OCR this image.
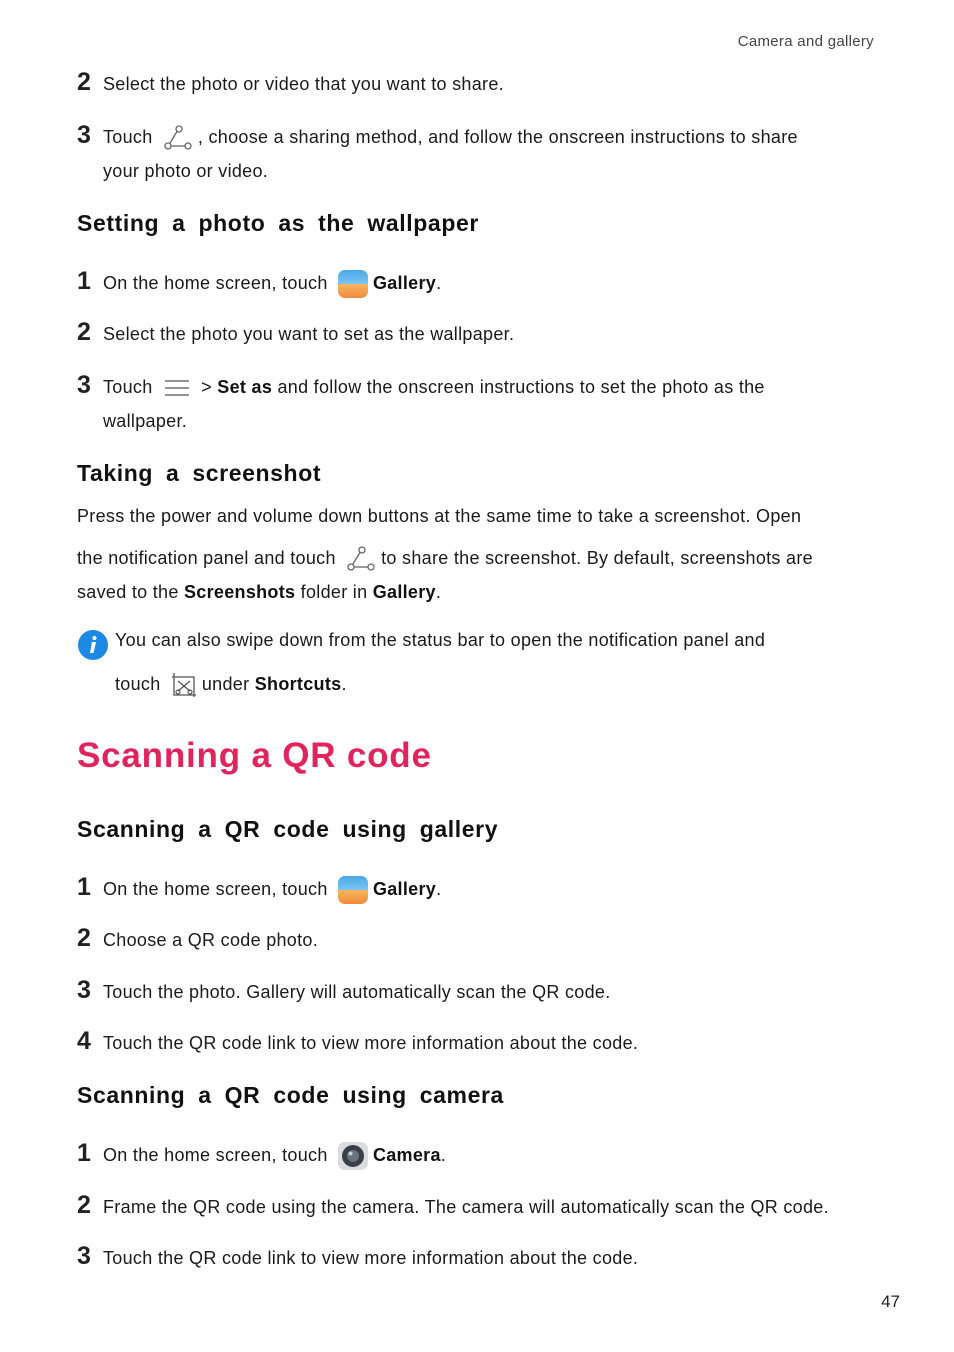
Camera and gallery
2 Select the photo or video that you want to share.
3 Touch	, choose a sharing method, and follow the onscreen instructions to share
your photo or video.
Setting a photo as the wallpaper
1 On the home screen, touch	Gallery.
2 Select the photo you want to set as the wallpaper.
3 Touch	> Set as and follow the onscreen instructions to set the photo as the
wallpaper.
Taking a screenshot
Press the power and volume down buttons at the same time to take a screenshot. Open
the notification panel and touch	to share the screenshot. By default, screenshots are
saved to the Screenshots folder in Gallery.
You can also swipe down from the status bar to open the notification panel and
touch under Shortcuts.
Scanning a QR code
Scanning a QR code using gallery
1 On the home screen, touch	Gallery.
2 Choose a QR code photo.
3 Touch the photo. Gallery will automatically scan the QR code.
4 Touch the QR code link to view more information about the code.
Scanning a QR code using camera
1 On the home screen, touch	Camera.
2 Frame the QR code using the camera. The camera will automatically scan the QR code.
3 Touch the QR code link to view more information about the code.
47
